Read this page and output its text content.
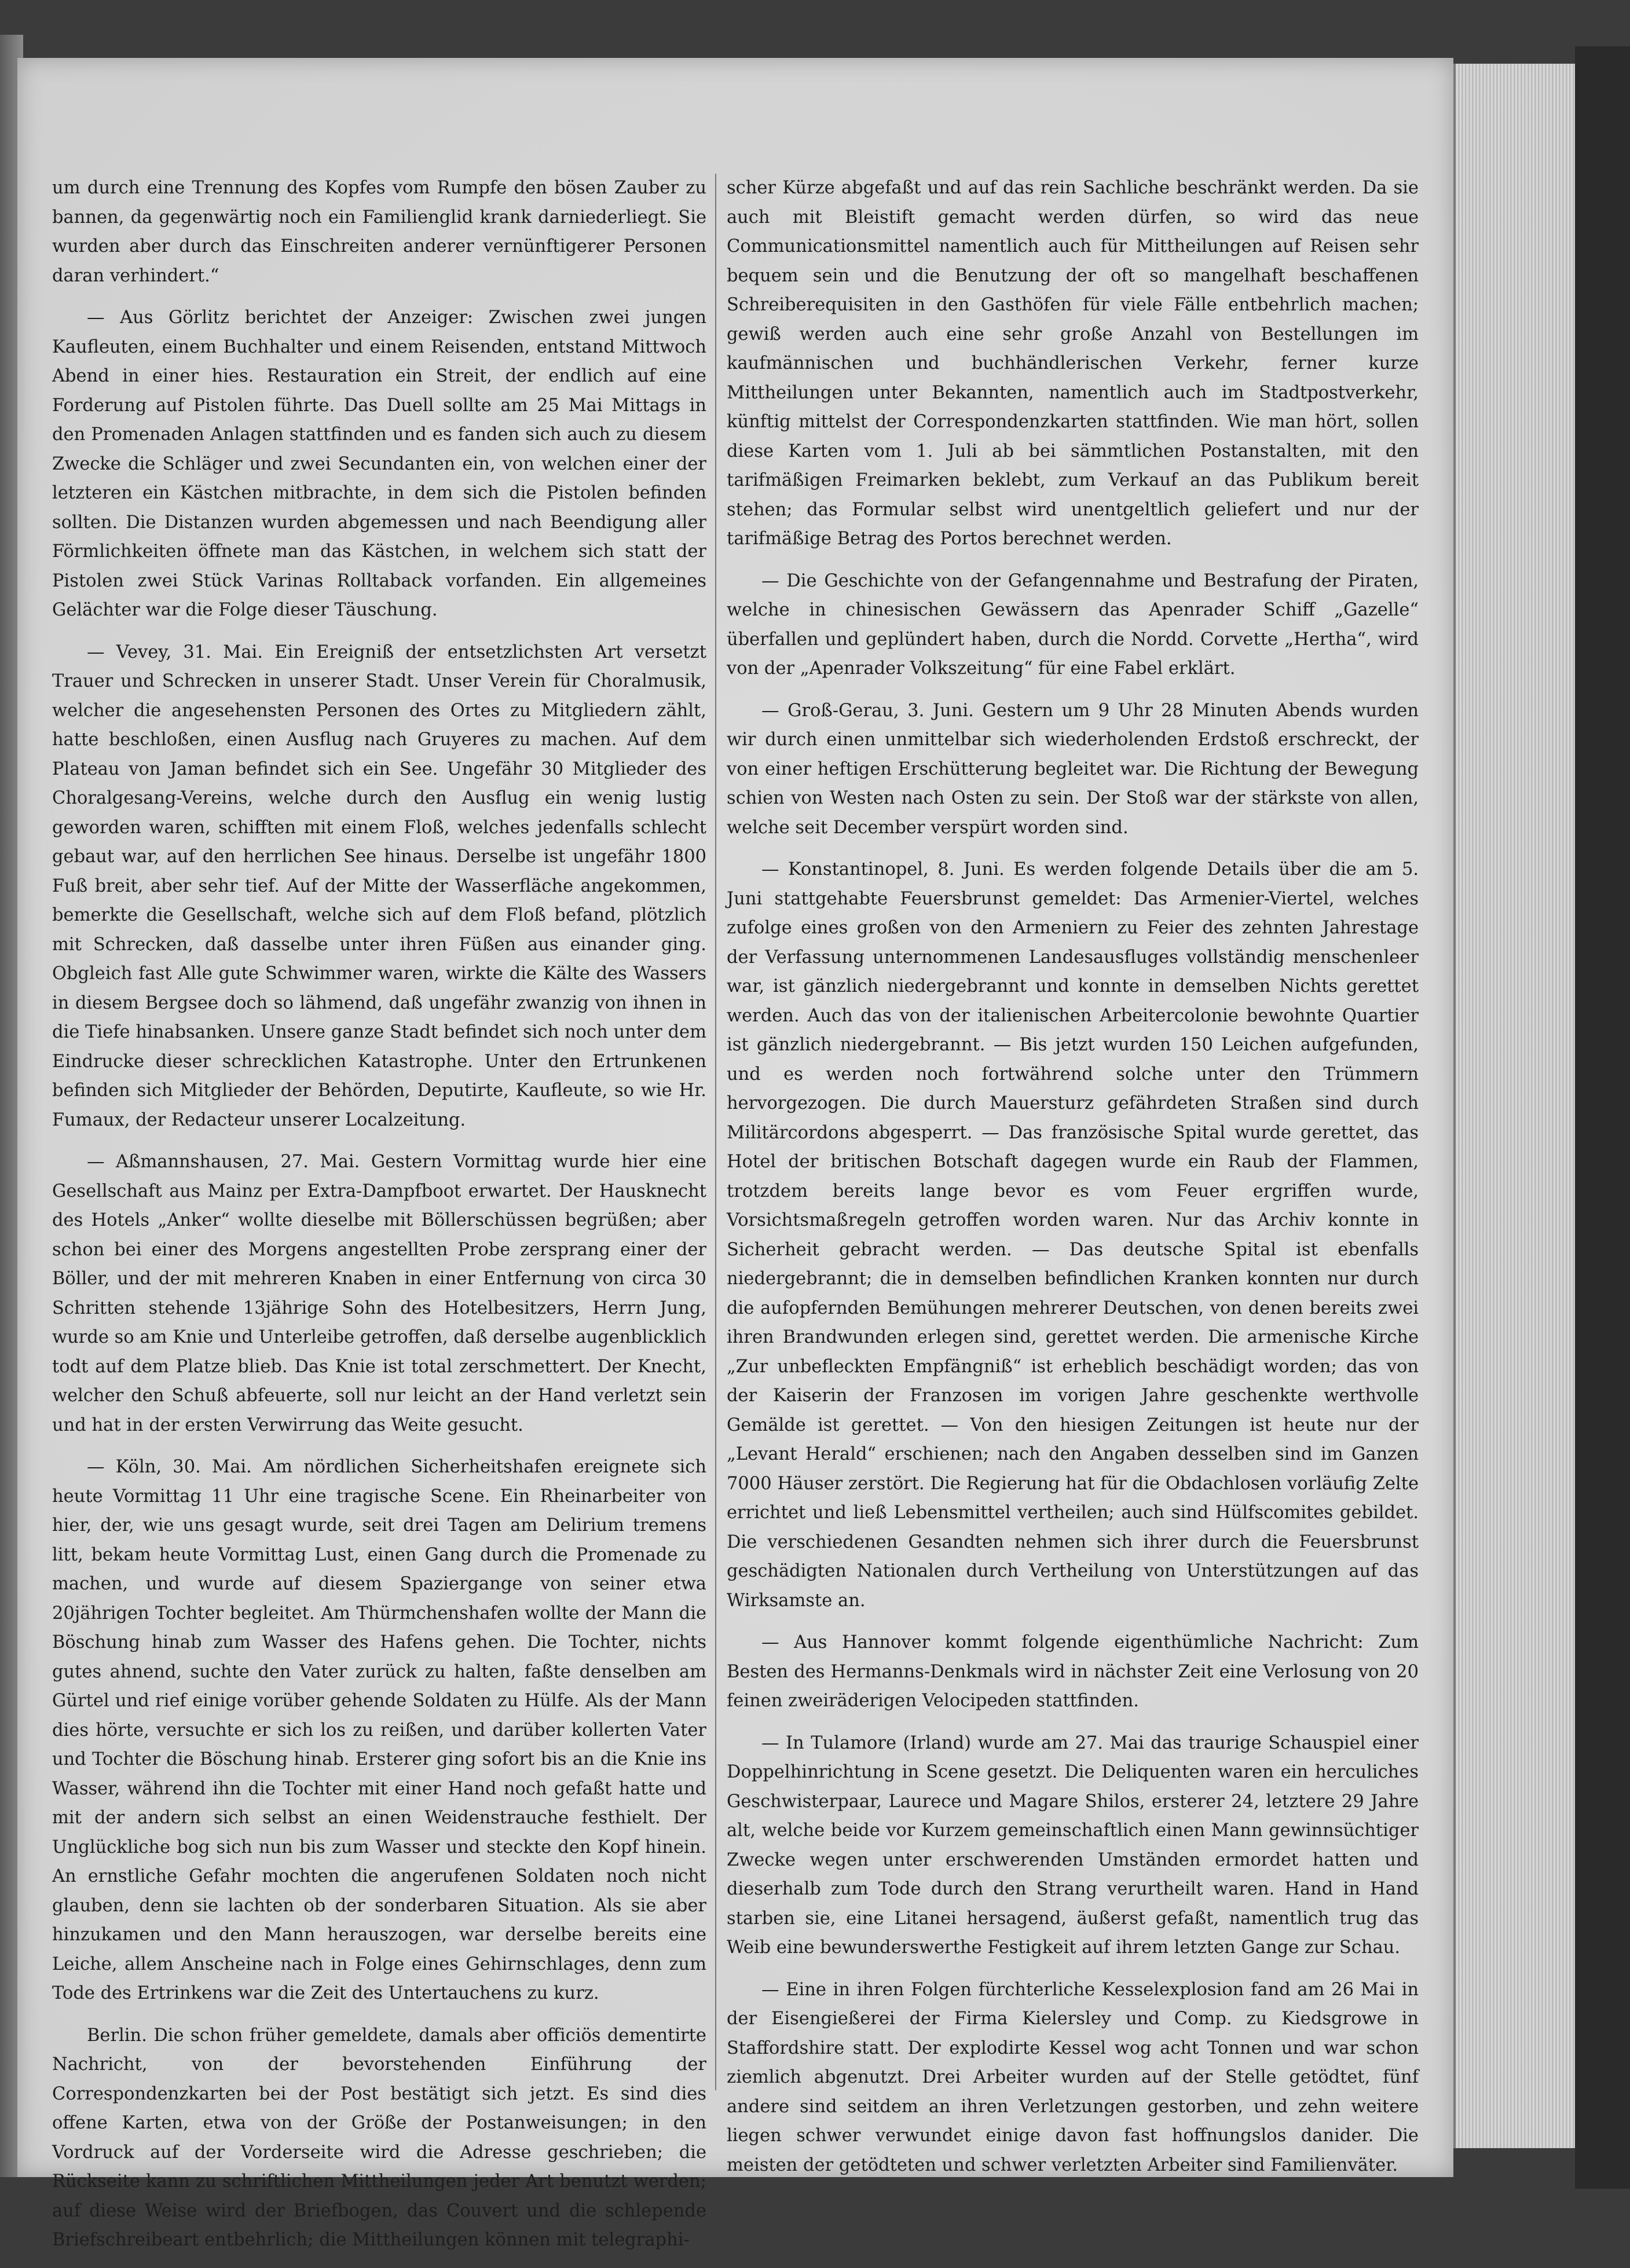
um durch eine Trennung des Kopfes vom Rumpfe den bösen Zauber zu bannen, da gegenwärtig noch ein Familienglid krank darniederliegt. Sie wurden aber durch das Einschreiten anderer vernünftigerer Personen daran verhindert.“

— Aus Görlitz berichtet der Anzeiger: Zwischen zwei jungen Kaufleuten, einem Buchhalter und einem Reisenden, entstand Mittwoch Abend in einer hies. Restauration ein Streit, der endlich auf eine Forderung auf Pistolen führte. Das Duell sollte am 25 Mai Mittags in den Promenaden Anlagen stattfinden und es fanden sich auch zu diesem Zwecke die Schläger und zwei Secundanten ein, von welchen einer der letzteren ein Kästchen mitbrachte, in dem sich die Pistolen befinden sollten. Die Distanzen wurden abgemessen und nach Beendigung aller Förmlichkeiten öffnete man das Kästchen, in welchem sich statt der Pistolen zwei Stück Varinas Rolltaback vorfanden. Ein allgemeines Gelächter war die Folge dieser Täuschung.

— Vevey, 31. Mai. Ein Ereigniß der entsetzlichsten Art versetzt Trauer und Schrecken in unserer Stadt. Unser Verein für Choralmusik, welcher die angesehensten Personen des Ortes zu Mitgliedern zählt, hatte beschloßen, einen Ausflug nach Gruyeres zu machen. Auf dem Plateau von Jaman befindet sich ein See. Ungefähr 30 Mitglieder des Choralgesang-Vereins, welche durch den Ausflug ein wenig lustig geworden waren, schifften mit einem Floß, welches jedenfalls schlecht gebaut war, auf den herrlichen See hinaus. Derselbe ist ungefähr 1800 Fuß breit, aber sehr tief. Auf der Mitte der Wasserfläche angekommen, bemerkte die Gesellschaft, welche sich auf dem Floß befand, plötzlich mit Schrecken, daß dasselbe unter ihren Füßen aus einander ging. Obgleich fast Alle gute Schwimmer waren, wirkte die Kälte des Wassers in diesem Bergsee doch so lähmend, daß ungefähr zwanzig von ihnen in die Tiefe hinabsanken. Unsere ganze Stadt befindet sich noch unter dem Eindrucke dieser schrecklichen Katastrophe. Unter den Ertrunkenen befinden sich Mitglieder der Behörden, Deputirte, Kaufleute, so wie Hr. Fumaux, der Redacteur unserer Localzeitung.

— Aßmannshausen, 27. Mai. Gestern Vormittag wurde hier eine Gesellschaft aus Mainz per Extra-Dampfboot erwartet. Der Hausknecht des Hotels „Anker“ wollte dieselbe mit Böllerschüssen begrüßen; aber schon bei einer des Morgens angestellten Probe zersprang einer der Böller, und der mit mehreren Knaben in einer Entfernung von circa 30 Schritten stehende 13jährige Sohn des Hotelbesitzers, Herrn Jung, wurde so am Knie und Unterleibe getroffen, daß derselbe augenblicklich todt auf dem Platze blieb. Das Knie ist total zerschmettert. Der Knecht, welcher den Schuß abfeuerte, soll nur leicht an der Hand verletzt sein und hat in der ersten Verwirrung das Weite gesucht.

— Köln, 30. Mai. Am nördlichen Sicherheitshafen ereignete sich heute Vormittag 11 Uhr eine tragische Scene. Ein Rheinarbeiter von hier, der, wie uns gesagt wurde, seit drei Tagen am Delirium tremens litt, bekam heute Vormittag Lust, einen Gang durch die Promenade zu machen, und wurde auf diesem Spaziergange von seiner etwa 20jährigen Tochter begleitet. Am Thürmchenshafen wollte der Mann die Böschung hinab zum Wasser des Hafens gehen. Die Tochter, nichts gutes ahnend, suchte den Vater zurück zu halten, faßte denselben am Gürtel und rief einige vorüber gehende Soldaten zu Hülfe. Als der Mann dies hörte, versuchte er sich los zu reißen, und darüber kollerten Vater und Tochter die Böschung hinab. Ersterer ging sofort bis an die Knie ins Wasser, während ihn die Tochter mit einer Hand noch gefaßt hatte und mit der andern sich selbst an einen Weidenstrauche festhielt. Der Unglückliche bog sich nun bis zum Wasser und steckte den Kopf hinein. An ernstliche Gefahr mochten die angerufenen Soldaten noch nicht glauben, denn sie lachten ob der sonderbaren Situation. Als sie aber hinzukamen und den Mann herauszogen, war derselbe bereits eine Leiche, allem Anscheine nach in Folge eines Gehirnschlages, denn zum Tode des Ertrinkens war die Zeit des Untertauchens zu kurz.

Berlin. Die schon früher gemeldete, damals aber officiös dementirte Nachricht, von der bevorstehenden Einführung der Correspondenzkarten bei der Post bestätigt sich jetzt. Es sind dies offene Karten, etwa von der Größe der Postanweisungen; in den Vordruck auf der Vorderseite wird die Adresse geschrieben; die Rückseite kann zu schriftlichen Mittheilungen jeder Art benutzt werden; auf diese Weise wird der Briefbogen, das Couvert und die schlepende Briefschreibeart entbehrlich; die Mittheilungen können mit telegraphi-

scher Kürze abgefaßt und auf das rein Sachliche beschränkt werden. Da sie auch mit Bleistift gemacht werden dürfen, so wird das neue Communicationsmittel namentlich auch für Mittheilungen auf Reisen sehr bequem sein und die Benutzung der oft so mangelhaft beschaffenen Schreiberequisiten in den Gasthöfen für viele Fälle entbehrlich machen; gewiß werden auch eine sehr große Anzahl von Bestellungen im kaufmännischen und buchhändlerischen Verkehr, ferner kurze Mittheilungen unter Bekannten, namentlich auch im Stadtpostverkehr, künftig mittelst der Correspondenzkarten stattfinden. Wie man hört, sollen diese Karten vom 1. Juli ab bei sämmtlichen Postanstalten, mit den tarifmäßigen Freimarken beklebt, zum Verkauf an das Publikum bereit stehen; das Formular selbst wird unentgeltlich geliefert und nur der tarifmäßige Betrag des Portos berechnet werden.

— Die Geschichte von der Gefangennahme und Bestrafung der Piraten, welche in chinesischen Gewässern das Apenrader Schiff „Gazelle“ überfallen und geplündert haben, durch die Nordd. Corvette „Hertha“, wird von der „Apenrader Volkszeitung“ für eine Fabel erklärt.

— Groß-Gerau, 3. Juni. Gestern um 9 Uhr 28 Minuten Abends wurden wir durch einen unmittelbar sich wiederholenden Erdstoß erschreckt, der von einer heftigen Erschütterung begleitet war. Die Richtung der Bewegung schien von Westen nach Osten zu sein. Der Stoß war der stärkste von allen, welche seit December verspürt worden sind.

— Konstantinopel, 8. Juni. Es werden folgende Details über die am 5. Juni stattgehabte Feuersbrunst gemeldet: Das Armenier-Viertel, welches zufolge eines großen von den Armeniern zu Feier des zehnten Jahrestage der Verfassung unternommenen Landesausfluges vollständig menschenleer war, ist gänzlich niedergebrannt und konnte in demselben Nichts gerettet werden. Auch das von der italienischen Arbeitercolonie bewohnte Quartier ist gänzlich niedergebrannt. — Bis jetzt wurden 150 Leichen aufgefunden, und es werden noch fortwährend solche unter den Trümmern hervorgezogen. Die durch Mauersturz gefährdeten Straßen sind durch Militärcordons abgesperrt. — Das französische Spital wurde gerettet, das Hotel der britischen Botschaft dagegen wurde ein Raub der Flammen, trotzdem bereits lange bevor es vom Feuer ergriffen wurde, Vorsichtsmaßregeln getroffen worden waren. Nur das Archiv konnte in Sicherheit gebracht werden. — Das deutsche Spital ist ebenfalls niedergebrannt; die in demselben befindlichen Kranken konnten nur durch die aufopfernden Bemühungen mehrerer Deutschen, von denen bereits zwei ihren Brandwunden erlegen sind, gerettet werden. Die armenische Kirche „Zur unbefleckten Empfängniß“ ist erheblich beschädigt worden; das von der Kaiserin der Franzosen im vorigen Jahre geschenkte werthvolle Gemälde ist gerettet. — Von den hiesigen Zeitungen ist heute nur der „Levant Herald“ erschienen; nach den Angaben desselben sind im Ganzen 7000 Häuser zerstört. Die Regierung hat für die Obdachlosen vorläufig Zelte errichtet und ließ Lebensmittel vertheilen; auch sind Hülfscomites gebildet. Die verschiedenen Gesandten nehmen sich ihrer durch die Feuersbrunst geschädigten Nationalen durch Vertheilung von Unterstützungen auf das Wirksamste an.

— Aus Hannover kommt folgende eigenthümliche Nachricht: Zum Besten des Hermanns-Denkmals wird in nächster Zeit eine Verlosung von 20 feinen zweiräderigen Velocipeden stattfinden.

— In Tulamore (Irland) wurde am 27. Mai das traurige Schauspiel einer Doppelhinrichtung in Scene gesetzt. Die Deliquenten waren ein herculiches Geschwisterpaar, Laurece und Magare Shilos, ersterer 24, letztere 29 Jahre alt, welche beide vor Kurzem gemeinschaftlich einen Mann gewinnsüchtiger Zwecke wegen unter erschwerenden Umständen ermordet hatten und dieserhalb zum Tode durch den Strang verurtheilt waren. Hand in Hand starben sie, eine Litanei hersagend, äußerst gefaßt, namentlich trug das Weib eine bewunderswerthe Festigkeit auf ihrem letzten Gange zur Schau.

— Eine in ihren Folgen fürchterliche Kesselexplosion fand am 26 Mai in der Eisengießerei der Firma Kielersley und Comp. zu Kiedsgrowe in Staffordshire statt. Der explodirte Kessel wog acht Tonnen und war schon ziemlich abgenutzt. Drei Arbeiter wurden auf der Stelle getödtet, fünf andere sind seitdem an ihren Verletzungen gestorben, und zehn weitere liegen schwer verwundet einige davon fast hoffnungslos danider. Die meisten der getödteten und schwer verletzten Arbeiter sind Familienväter.
